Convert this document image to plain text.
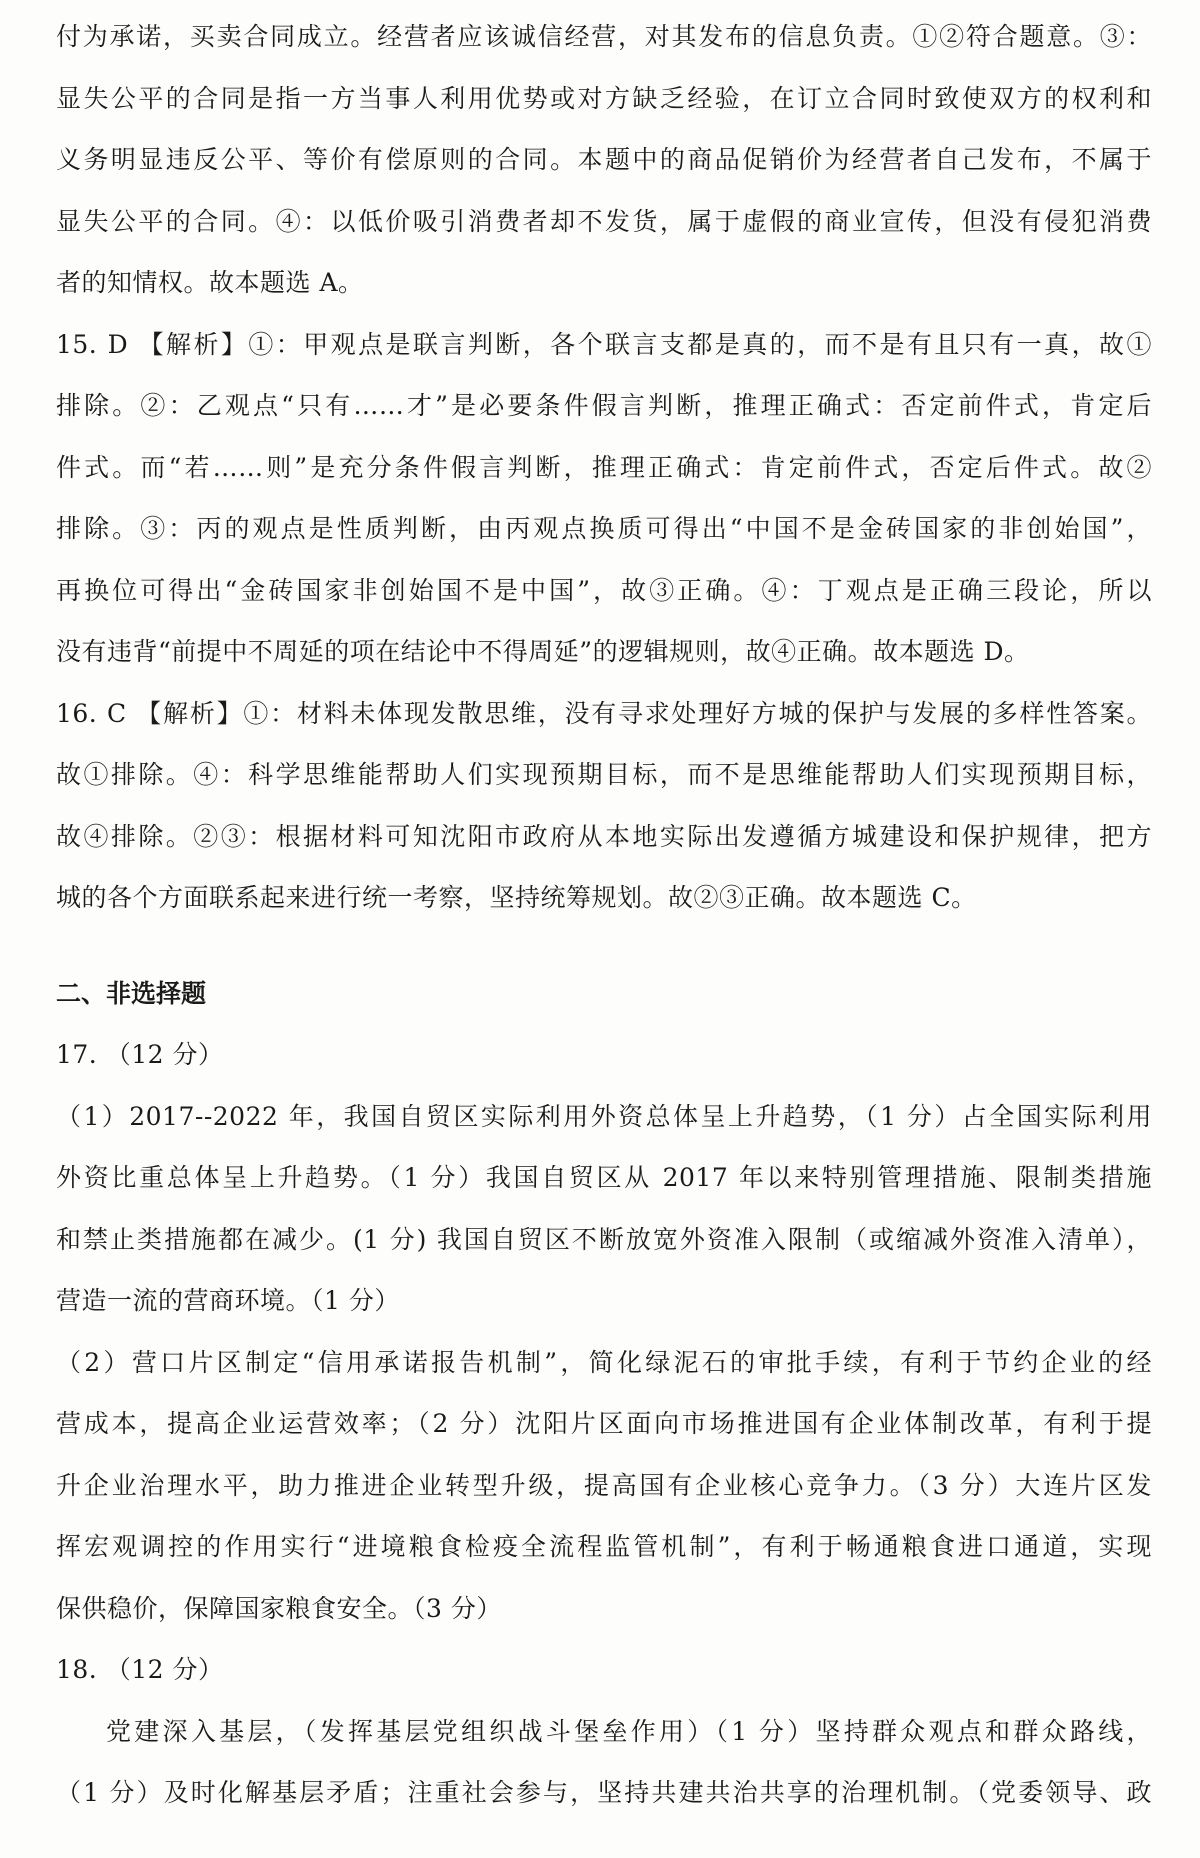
付为承诺，买卖合同成立。经营者应该诚信经营，对其发布的信息负责。①②符合题意。③：
显失公平的合同是指一方当事人利用优势或对方缺乏经验，在订立合同时致使双方的权利和
义务明显违反公平、等价有偿原则的合同。本题中的商品促销价为经营者自己发布，不属于
显失公平的合同。④：以低价吸引消费者却不发货，属于虚假的商业宣传，但没有侵犯消费
者的知情权。故本题选 A。
15. D 【解析】①：甲观点是联言判断，各个联言支都是真的，而不是有且只有一真，故①
排除。②：乙观点“只有……才”是必要条件假言判断，推理正确式：否定前件式，肯定后
件式。而“若……则”是充分条件假言判断，推理正确式：肯定前件式，否定后件式。故②
排除。③：丙的观点是性质判断，由丙观点换质可得出“中国不是金砖国家的非创始国”，
再换位可得出“金砖国家非创始国不是中国”，故③正确。④：丁观点是正确三段论，所以
没有违背“前提中不周延的项在结论中不得周延”的逻辑规则，故④正确。故本题选 D。
16. C 【解析】①：材料未体现发散思维，没有寻求处理好方城的保护与发展的多样性答案。
故①排除。④：科学思维能帮助人们实现预期目标，而不是思维能帮助人们实现预期目标，
故④排除。②③：根据材料可知沈阳市政府从本地实际出发遵循方城建设和保护规律，把方
城的各个方面联系起来进行统一考察，坚持统筹规划。故②③正确。故本题选 C。
二、非选择题
17. （12 分）
（1）2017--2022 年，我国自贸区实际利用外资总体呈上升趋势，（1 分）占全国实际利用
外资比重总体呈上升趋势。（1 分）我国自贸区从 2017 年以来特别管理措施、限制类措施
和禁止类措施都在减少。(1 分) 我国自贸区不断放宽外资准入限制（或缩减外资准入清单），
营造一流的营商环境。（1 分）
（2）营口片区制定“信用承诺报告机制”，简化绿泥石的审批手续，有利于节约企业的经
营成本，提高企业运营效率；（2 分）沈阳片区面向市场推进国有企业体制改革，有利于提
升企业治理水平，助力推进企业转型升级，提高国有企业核心竞争力。（3 分）大连片区发
挥宏观调控的作用实行“进境粮食检疫全流程监管机制”，有利于畅通粮食进口通道，实现
保供稳价，保障国家粮食安全。（3 分）
18. （12 分）
党建深入基层，（发挥基层党组织战斗堡垒作用）（1 分）坚持群众观点和群众路线，
（1 分）及时化解基层矛盾；注重社会参与，坚持共建共治共享的治理机制。（党委领导、政
